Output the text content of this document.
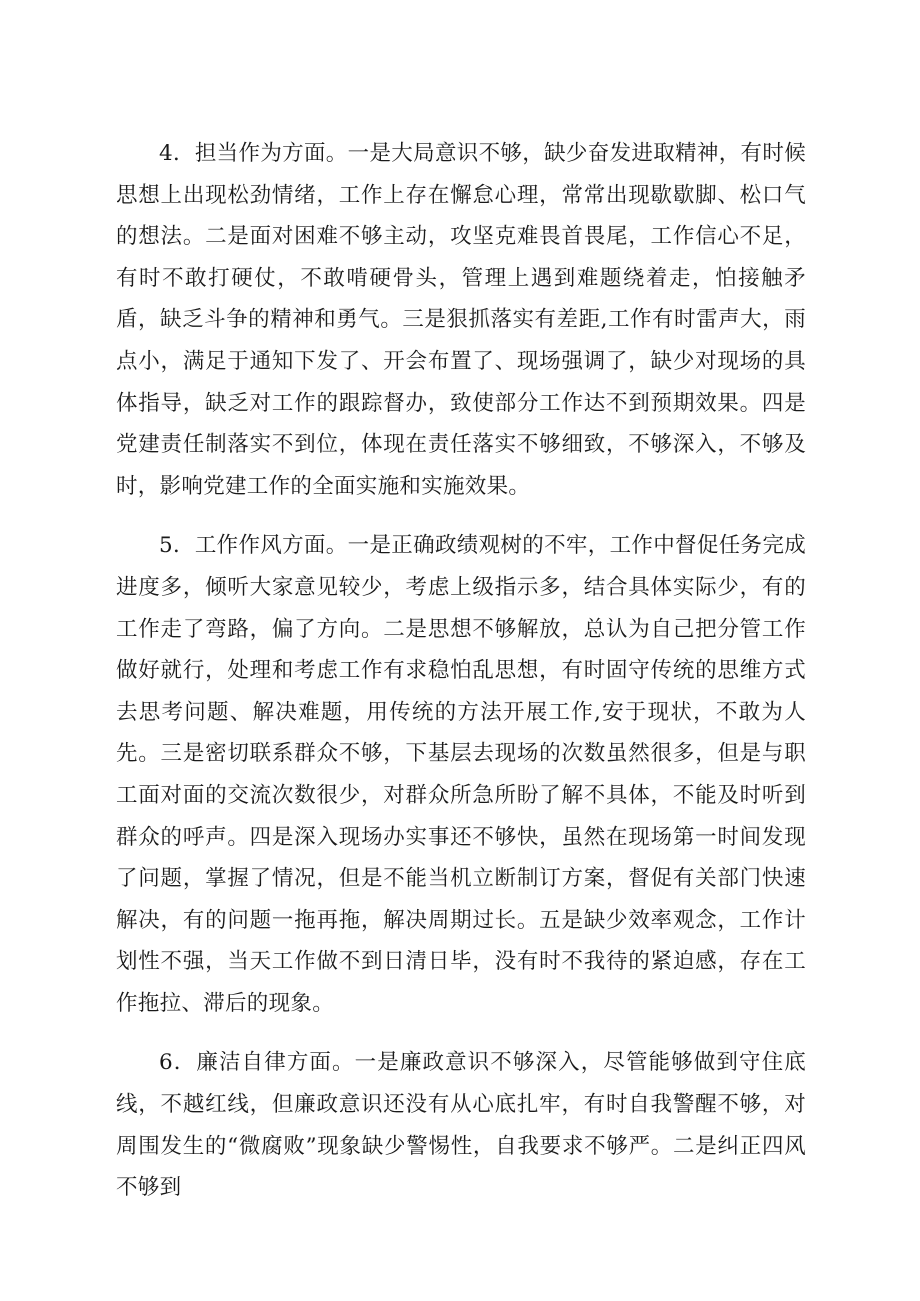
4．担当作为方面。一是大局意识不够，缺少奋发进取精神，有时候思想上出现松劲情绪，工作上存在懈怠心理，常常出现歇歇脚、松口气的想法。二是面对困难不够主动，攻坚克难畏首畏尾，工作信心不足，有时不敢打硬仗，不敢啃硬骨头，管理上遇到难题绕着走，怕接触矛盾，缺乏斗争的精神和勇气。三是狠抓落实有差距,工作有时雷声大，雨点小，满足于通知下发了、开会布置了、现场强调了，缺少对现场的具体指导，缺乏对工作的跟踪督办，致使部分工作达不到预期效果。四是党建责任制落实不到位，体现在责任落实不够细致，不够深入，不够及时，影响党建工作的全面实施和实施效果。

5．工作作风方面。一是正确政绩观树的不牢，工作中督促任务完成进度多，倾听大家意见较少，考虑上级指示多，结合具体实际少，有的工作走了弯路，偏了方向。二是思想不够解放，总认为自己把分管工作做好就行，处理和考虑工作有求稳怕乱思想，有时固守传统的思维方式去思考问题、解决难题，用传统的方法开展工作,安于现状，不敢为人先。三是密切联系群众不够，下基层去现场的次数虽然很多，但是与职工面对面的交流次数很少，对群众所急所盼了解不具体，不能及时听到群众的呼声。四是深入现场办实事还不够快，虽然在现场第一时间发现了问题，掌握了情况，但是不能当机立断制订方案，督促有关部门快速解决，有的问题一拖再拖，解决周期过长。五是缺少效率观念，工作计划性不强，当天工作做不到日清日毕，没有时不我待的紧迫感，存在工作拖拉、滞后的现象。

6．廉洁自律方面。一是廉政意识不够深入，尽管能够做到守住底线，不越红线，但廉政意识还没有从心底扎牢，有时自我警醒不够，对周围发生的“微腐败”现象缺少警惕性，自我要求不够严。二是纠正四风不够到
